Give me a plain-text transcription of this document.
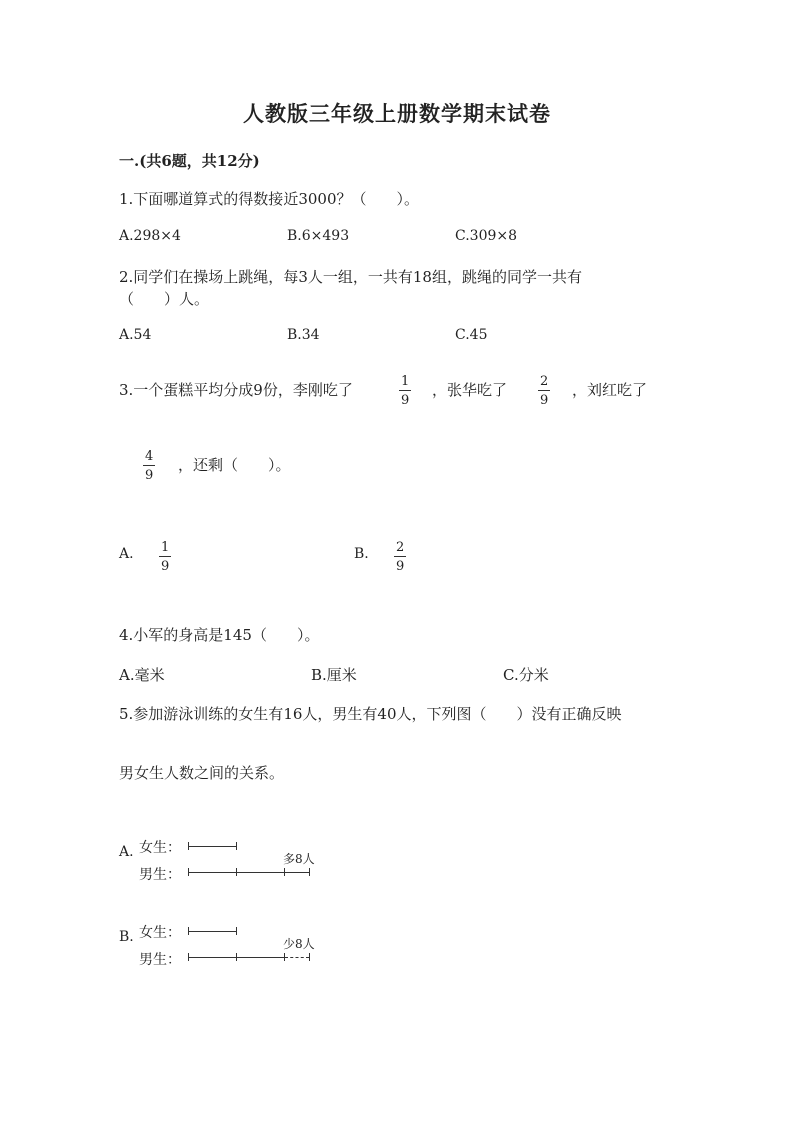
人教版三年级上册数学期末试卷
一.(共6题，共12分)
1.下面哪道算式的得数接近3000？（　　）。
A.298×4	B.6×493	C.309×8
2.同学们在操场上跳绳，每3人一组，一共有18组，跳绳的同学一共有
（　　）人。
A.54	B.34	C.45
3.一个蛋糕平均分成9份，李刚吃了	$\frac{1}{9}$ ，张华吃了 $\frac{2}{9}$ ，刘红吃了
$\frac{4}{9}$ ，还剩（　　）。
A. $\frac{1}{9}$	B. $\frac{2}{9}$
4.小军的身高是145（　　）。
A.毫米	B.厘米	C.分米
5.参加游泳训练的女生有16人，男生有40人，下列图（　　）没有正确反映
男女生人数之间的关系。
A. 女生：
多8人
男生：
B. 女生：
少8人
男生：
